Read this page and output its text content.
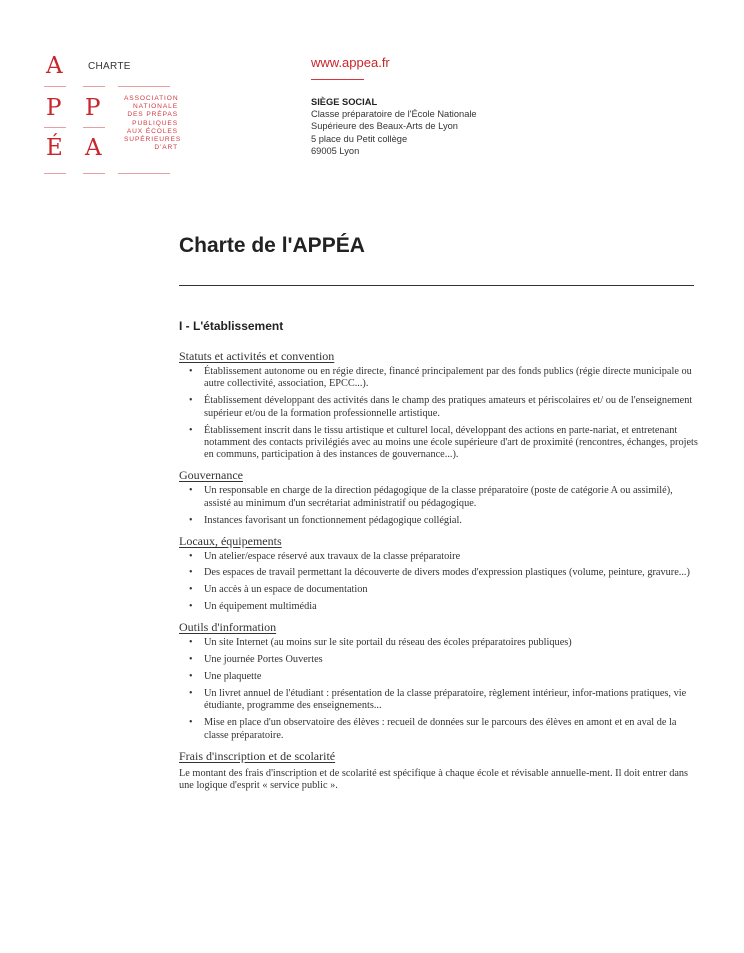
A	CHARTE
P	P
É A
ASSOCIATION
NATIONALE
DES PRÉPAS
PUBLIQUES
AUX ÉCOLES
SUPÉRIEURES
D'ART
www.appea.fr
SIÈGE SOCIAL
Classe préparatoire de l'École Nationale
Supérieure des Beaux-Arts de Lyon
5 place du Petit collège
69005 Lyon
Charte de l'APPÉA
I - L'établissement
Statuts et activités et convention
• Établissement autonome ou en régie directe, financé principalement par des fonds publics (régie directe municipale ou autre collectivité, association, EPCC...).
• Établissement développant des activités dans le champ des pratiques amateurs et périscolaires et/ ou de l'enseignement supérieur et/ou de la formation professionnelle artistique.
• Établissement inscrit dans le tissu artistique et culturel local, développant des actions en parte-nariat, et entretenant notamment des contacts privilégiés avec au moins une école supérieure d'art de proximité (rencontres, échanges, projets en communs, participation à des instances de gouvernance...).
Gouvernance
• Un responsable en charge de la direction pédagogique de la classe préparatoire (poste de catégorie A ou assimilé), assisté au minimum d'un secrétariat administratif ou pédagogique.
• Instances favorisant un fonctionnement pédagogique collégial.
Locaux, équipements
• Un atelier/espace réservé aux travaux de la classe préparatoire
• Des espaces de travail permettant la découverte de divers modes d'expression plastiques (volume, peinture, gravure...)
• Un accès à un espace de documentation
• Un équipement multimédia
Outils d'information
• Un site Internet (au moins sur le site portail du réseau des écoles préparatoires publiques)
• Une journée Portes Ouvertes
• Une plaquette
• Un livret annuel de l'étudiant : présentation de la classe préparatoire, règlement intérieur, infor-mations pratiques, vie étudiante, programme des enseignements...
• Mise en place d'un observatoire des élèves : recueil de données sur le parcours des élèves en amont et en aval de la classe préparatoire.
Frais d'inscription et de scolarité

Le montant des frais d'inscription et de scolarité est spécifique à chaque école et révisable annuelle-ment. Il doit entrer dans une logique d'esprit « service public ».
